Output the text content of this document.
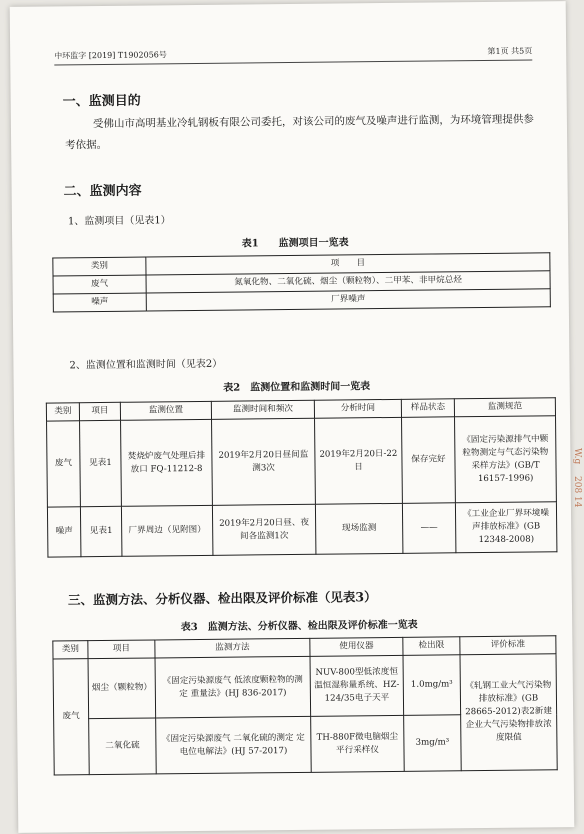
中环监字 [2019] T1902056号	第1页 共5页
一、监测目的
受佛山市高明基业冷轧钢板有限公司委托，对该公司的废气及噪声进行监测，为环境管理提供参考依据。
二、监测内容
1、监测项目（见表1）
表1　　监测项目一览表
类别	项　　目
废气	氮氧化物、二氧化硫、烟尘（颗粒物）、二甲苯、非甲烷总烃
噪声	厂界噪声
2、监测位置和监测时间（见表2）
表2　监测位置和监测时间一览表
类别	项目	监测位置	监测时间和频次	分析时间	样品状态	监测规范
废气	见表1	焚烧炉废气处理后排放口 FQ-11212-8	2019年2月20日昼间监测3次	2019年2月20日-22日	保存完好	《固定污染源排气中颗粒物测定与气态污染物采样方法》(GB/T 16157-1996)
噪声	见表1	厂界周边（见附图）	2019年2月20日昼、夜间各监测1次	现场监测	——	《工业企业厂界环境噪声排放标准》(GB 12348-2008)
三、监测方法、分析仪器、检出限及评价标准（见表3）
表3　监测方法、分析仪器、检出限及评价标准一览表
类别	项目	监测方法	使用仪器	检出限	评价标准
废气	烟尘（颗粒物）	《固定污染源废气 低浓度颗粒物的测定 重量法》(HJ 836-2017)	NUV-800型低浓度恒温恒湿称量系统、HZ-124/35电子天平	1.0mg/m³	《轧钢工业大气污染物排放标准》(GB 28665-2012)表2新建企业大气污染物排放浓度限值
	二氧化硫	《固定污染源废气 二氧化硫的测定 定电位电解法》(HJ 57-2017)	TH-880F微电脑烟尘平行采样仪	3mg/m³	
W.g
208 14
